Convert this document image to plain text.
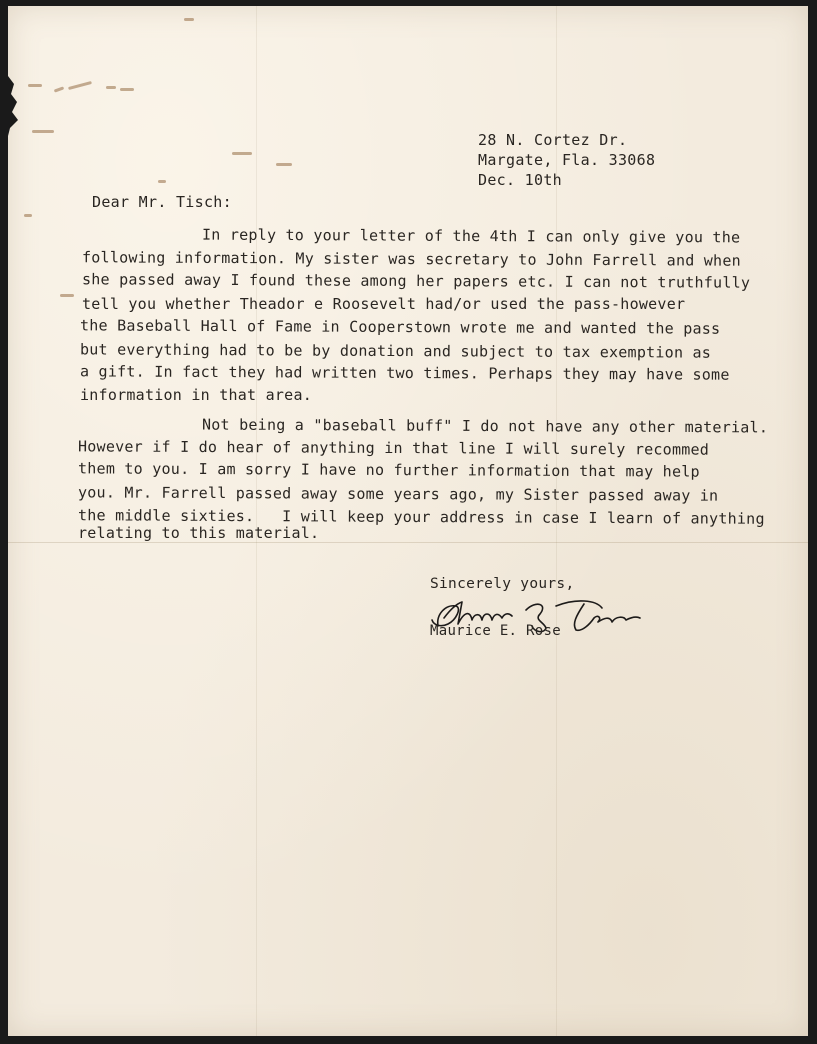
28 N. Cortez Dr.
Margate, Fla. 33068
Dec. 10th
Dear Mr. Tisch:
In reply to your letter of the 4th I can only give you the
following information. My sister was secretary to John Farrell and when
she passed away I found these among her papers etc. I can not truthfully
tell you whether Theador e Roosevelt had/or used the pass-however
the Baseball Hall of Fame in Cooperstown wrote me and wanted the pass
but everything had to be by donation and subject to tax exemption as
a gift. In fact they had written two times. Perhaps they may have some
information in that area.
Not being a "baseball buff" I do not have any other material.
However if I do hear of anything in that line I will surely recommed
them to you. I am sorry I have no further information that may help
you. Mr. Farrell passed away some years ago, my Sister passed away in
the middle sixties.   I will keep your address in case I learn of anything
relating to this material.
Sincerely yours,
Maurice E. Rose
